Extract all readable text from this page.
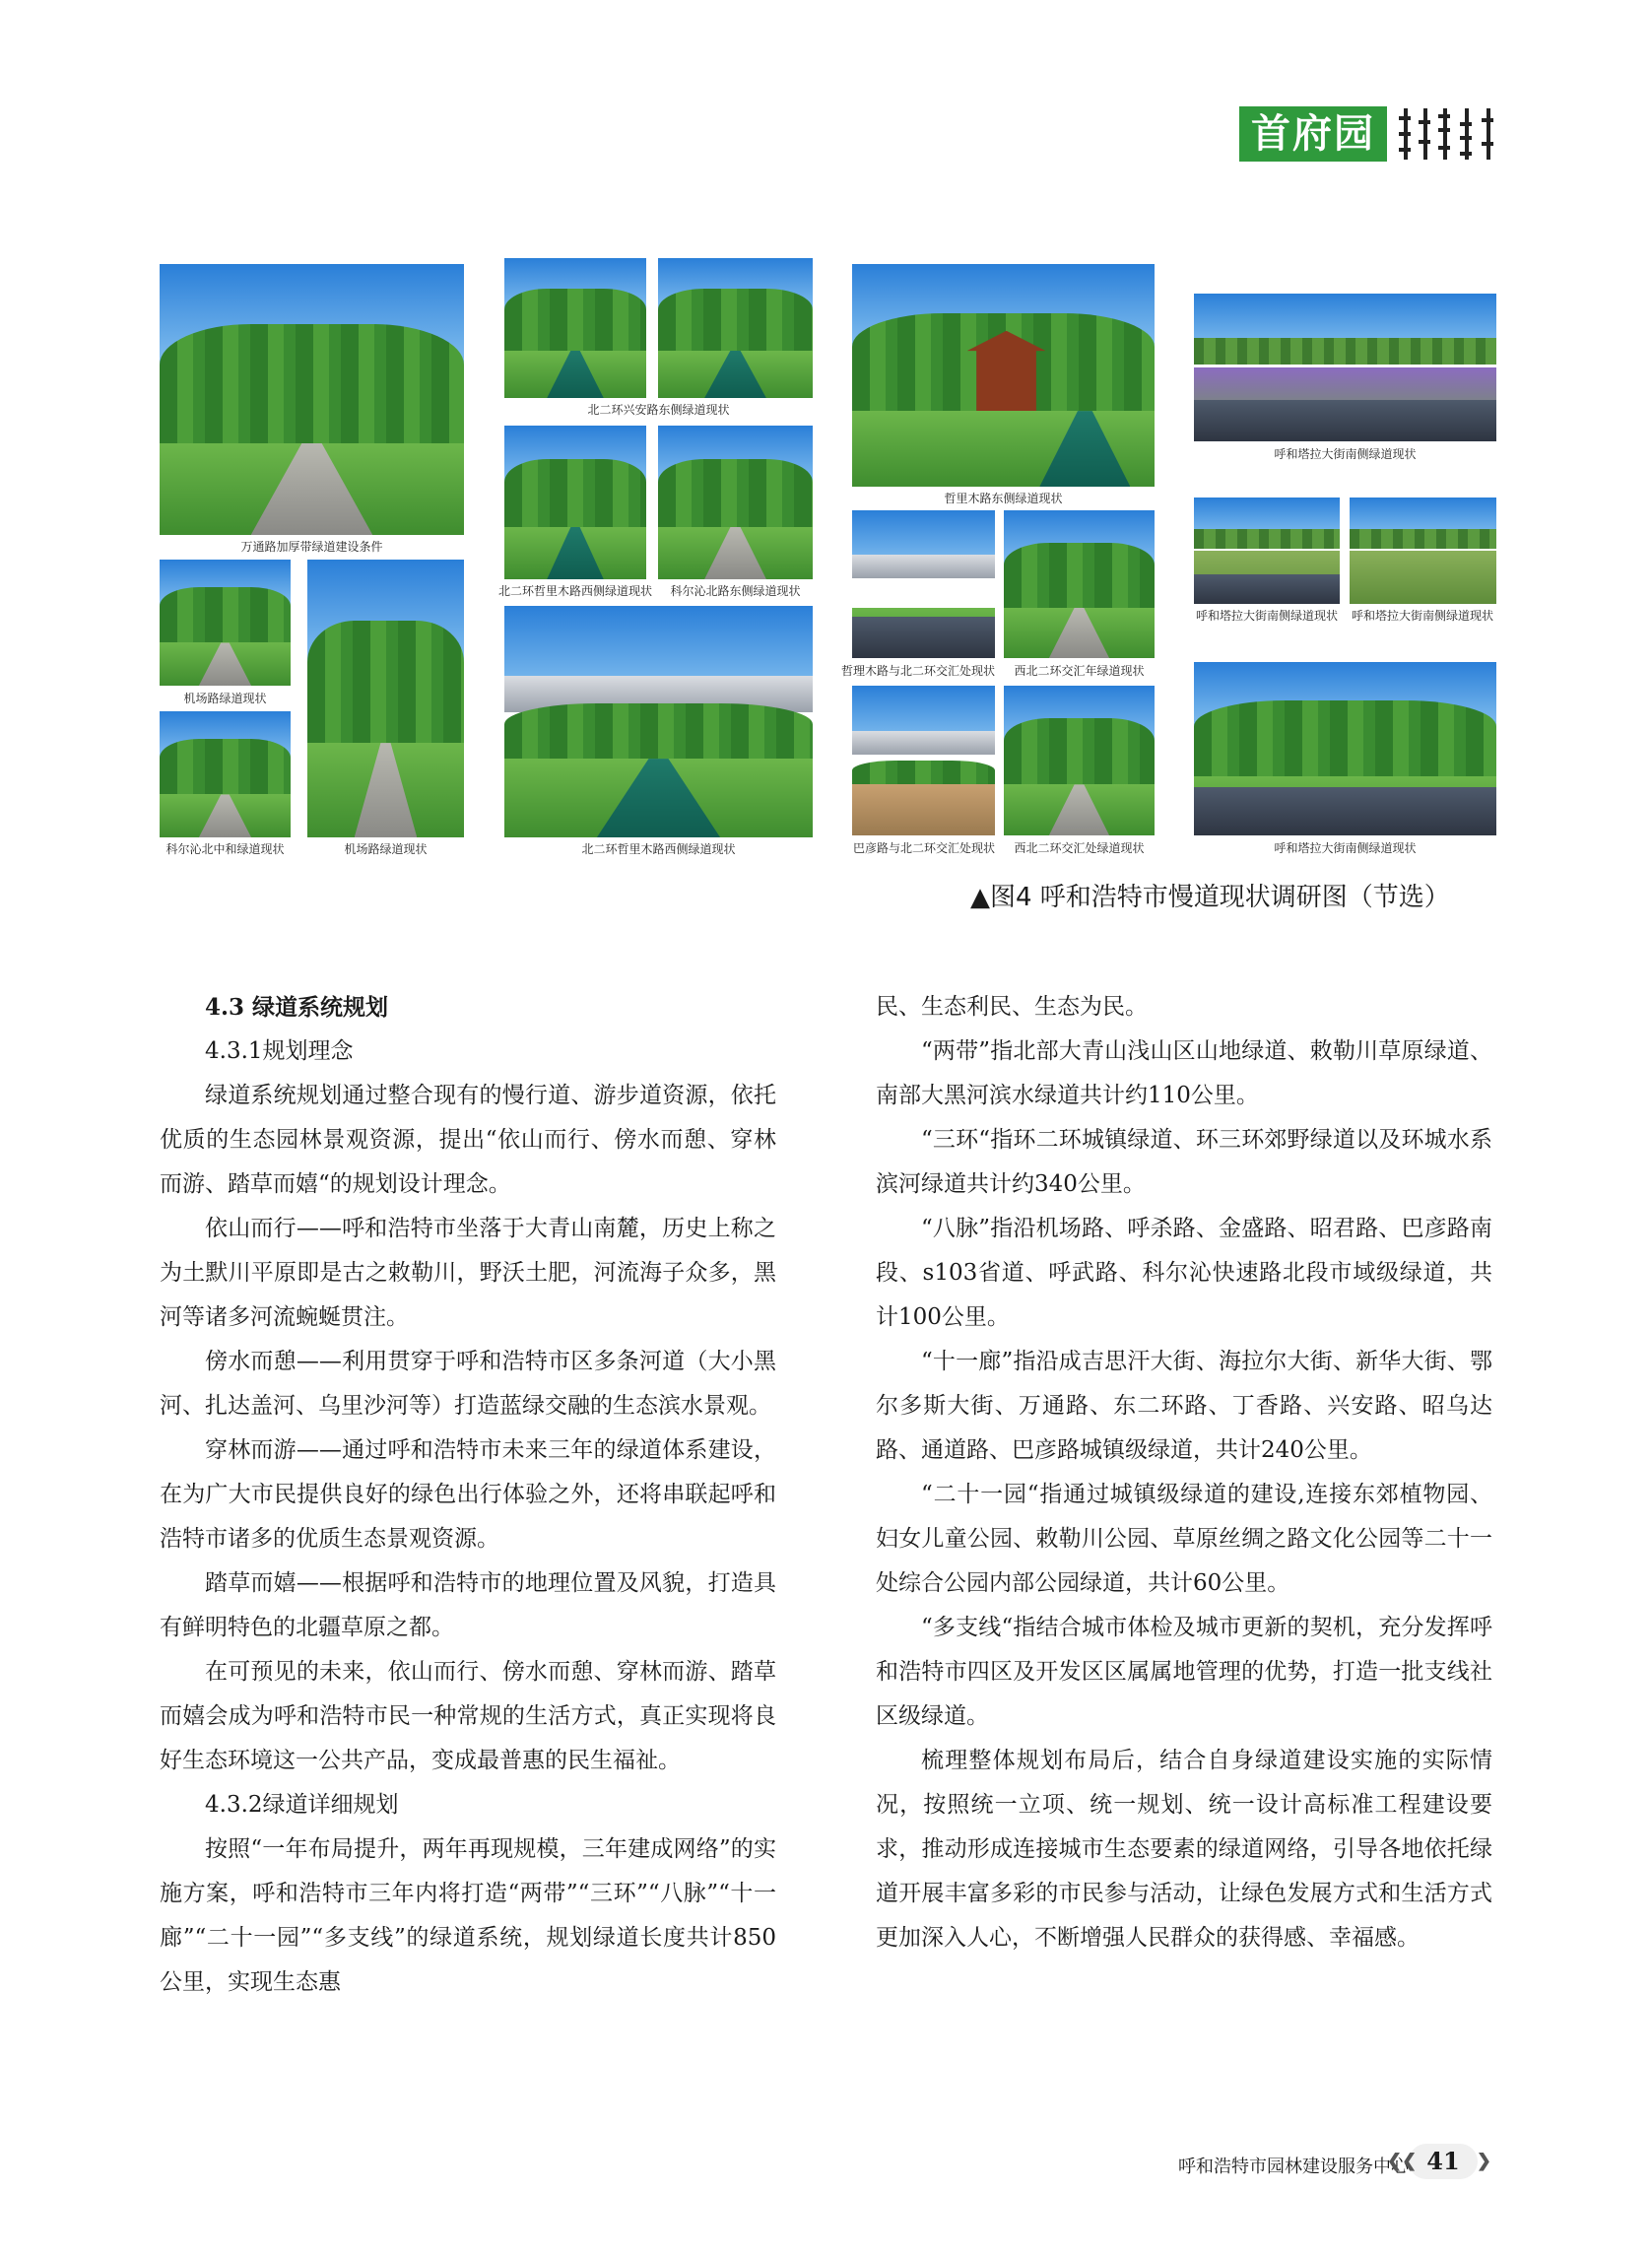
首府园林
万通路加厚带绿道建设条件
机场路绿道现状
科尔沁北中和绿道现状	机场路绿道现状
北二环兴安路东侧绿道现状
北二环哲里木路西侧绿道现状	科尔沁北路东侧绿道现状
北二环哲里木路西侧绿道现状
哲里木路东侧绿道现状
哲理木路与北二环交汇处现状	西北二环交汇年绿道现状
巴彦路与北二环交汇处现状	西北二环交汇处绿道现状
呼和塔拉大街南侧绿道现状
呼和塔拉大街南侧绿道现状	呼和塔拉大街南侧绿道现状
呼和塔拉大街南侧绿道现状
▲图4 呼和浩特市慢道现状调研图（节选）

4.3 绿道系统规划

4.3.1规划理念

绿道系统规划通过整合现有的慢行道、游步道资源，依托优质的生态园林景观资源，提出“依山而行、傍水而憩、穿林而游、踏草而嬉“的规划设计理念。

依山而行——呼和浩特市坐落于大青山南麓，历史上称之为土默川平原即是古之敕勒川，野沃土肥，河流海子众多，黑河等诸多河流蜿蜒贯注。

傍水而憩——利用贯穿于呼和浩特市区多条河道（大小黑河、扎达盖河、乌里沙河等）打造蓝绿交融的生态滨水景观。

穿林而游——通过呼和浩特市未来三年的绿道体系建设，在为广大市民提供良好的绿色出行体验之外，还将串联起呼和浩特市诸多的优质生态景观资源。

踏草而嬉——根据呼和浩特市的地理位置及风貌，打造具有鲜明特色的北疆草原之都。

在可预见的未来，依山而行、傍水而憩、穿林而游、踏草而嬉会成为呼和浩特市民一种常规的生活方式，真正实现将良好生态环境这一公共产品，变成最普惠的民生福祉。

4.3.2绿道详细规划

按照“一年布局提升，两年再现规模，三年建成网络”的实施方案，呼和浩特市三年内将打造“两带”“三环”“八脉”“十一廊”“二十一园”“多支线”的绿道系统，规划绿道长度共计850公里，实现生态惠

民、生态利民、生态为民。

“两带”指北部大青山浅山区山地绿道、敕勒川草原绿道、南部大黑河滨水绿道共计约110公里。

“三环“指环二环城镇绿道、环三环郊野绿道以及环城水系滨河绿道共计约340公里。

“八脉”指沿机场路、呼杀路、金盛路、昭君路、巴彦路南段、s103省道、呼武路、科尔沁快速路北段市域级绿道，共计100公里。

“十一廊”指沿成吉思汗大街、海拉尔大街、新华大街、鄂尔多斯大街、万通路、东二环路、丁香路、兴安路、昭乌达路、通道路、巴彦路城镇级绿道，共计240公里。

“二十一园“指通过城镇级绿道的建设,连接东郊植物园、妇女儿童公园、敕勒川公园、草原丝绸之路文化公园等二十一处综合公园内部公园绿道，共计60公里。

“多支线“指结合城市体检及城市更新的契机，充分发挥呼和浩特市四区及开发区区属属地管理的优势，打造一批支线社区级绿道。

梳理整体规划布局后，结合自身绿道建设实施的实际情况，按照统一立项、统一规划、统一设计高标准工程建设要求，推动形成连接城市生态要素的绿道网络，引导各地依托绿道开展丰富多彩的市民参与活动，让绿色发展方式和生活方式更加深入人心，不断增强人民群众的获得感、幸福感。

呼和浩特市园林建设服务中心
❮❮ 41 ❯
